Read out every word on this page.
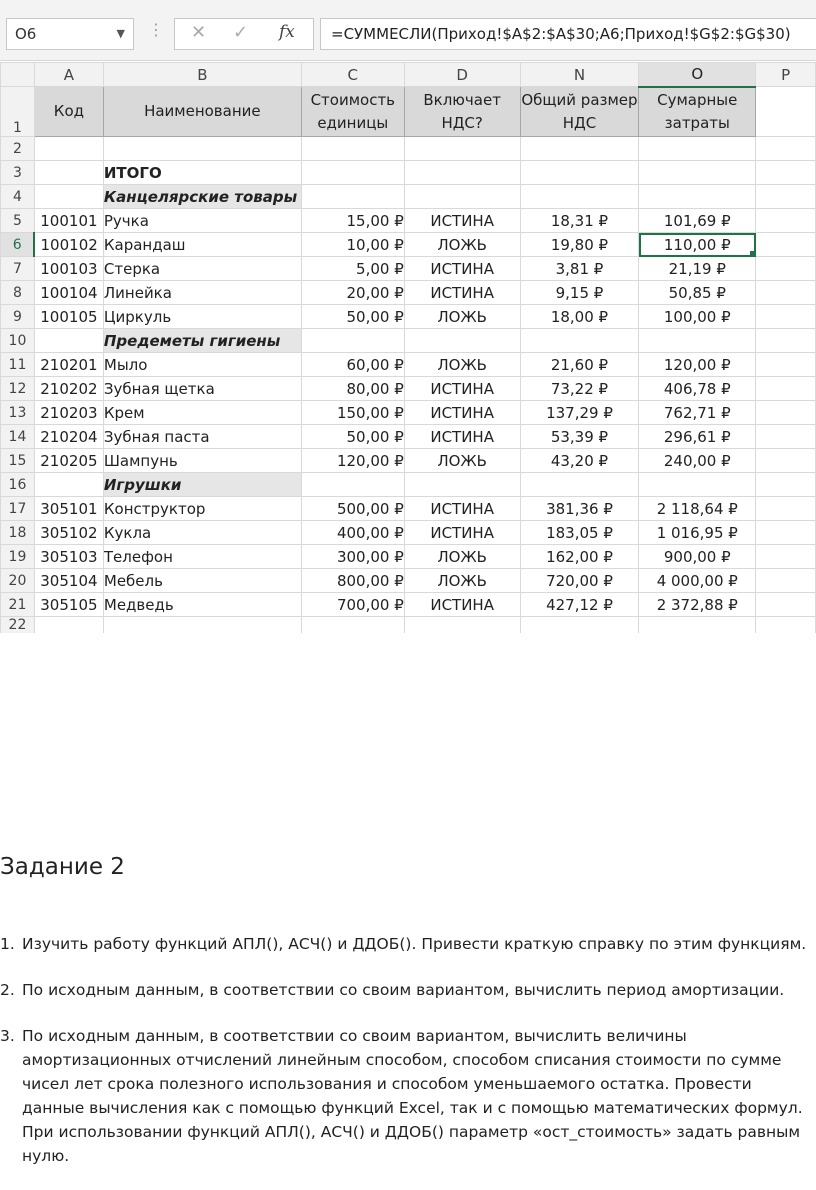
O6	▼ ⋮ ✕ ✓ fx	=СУММЕСЛИ(Приход!$A$2:$A$30;A6;Приход!$G$2:$G$30)
	A	B	C	D	N	O	P
1	Код	Наименование	Стоимость единицы	Включает НДС?	Общий размер НДС	Сумарные затраты	
2							
3		ИТОГО					
4		Канцелярские товары					
5	100101	Ручка	15,00 ₽	ИСТИНА	18,31 ₽	101,69 ₽	
6	100102	Карандаш	10,00 ₽	ЛОЖЬ	19,80 ₽	110,00 ₽

7	100103	Стерка	5,00 ₽	ИСТИНА	3,81 ₽	21,19 ₽	
8	100104	Линейка	20,00 ₽	ИСТИНА	9,15 ₽	50,85 ₽	
9	100105	Циркуль	50,00 ₽	ЛОЖЬ	18,00 ₽	100,00 ₽	
10		Предеметы гигиены					
11	210201	Мыло	60,00 ₽	ЛОЖЬ	21,60 ₽	120,00 ₽	
12	210202	Зубная щетка	80,00 ₽	ИСТИНА	73,22 ₽	406,78 ₽	
13	210203	Крем	150,00 ₽	ИСТИНА	137,29 ₽	762,71 ₽	
14	210204	Зубная паста	50,00 ₽	ИСТИНА	53,39 ₽	296,61 ₽	
15	210205	Шампунь	120,00 ₽	ЛОЖЬ	43,20 ₽	240,00 ₽	
16		Игрушки					
17	305101	Конструктор	500,00 ₽	ИСТИНА	381,36 ₽	2 118,64 ₽	
18	305102	Кукла	400,00 ₽	ИСТИНА	183,05 ₽	1 016,95 ₽	
19	305103	Телефон	300,00 ₽	ЛОЖЬ	162,00 ₽	900,00 ₽	
20	305104	Мебель	800,00 ₽	ЛОЖЬ	720,00 ₽	4 000,00 ₽	
21	305105	Медведь	700,00 ₽	ИСТИНА	427,12 ₽	2 372,88 ₽	
22							
Задание 2
1. Изучить работу функций АПЛ(), АСЧ() и ДДОБ(). Привести краткую справку по этим функциям.
2. По исходным данным, в соответствии со своим вариантом, вычислить период амортизации.
3. По исходным данным, в соответствии со своим вариантом, вычислить величины амортизационных отчислений линейным способом, способом списания стоимости по сумме чисел лет срока полезного использования и способом уменьшаемого остатка. Провести данные вычисления как с помощью функций Excel, так и с помощью математических формул. При использовании функций АПЛ(), АСЧ() и ДДОБ() параметр «ост_стоимость» задать равным нулю.
